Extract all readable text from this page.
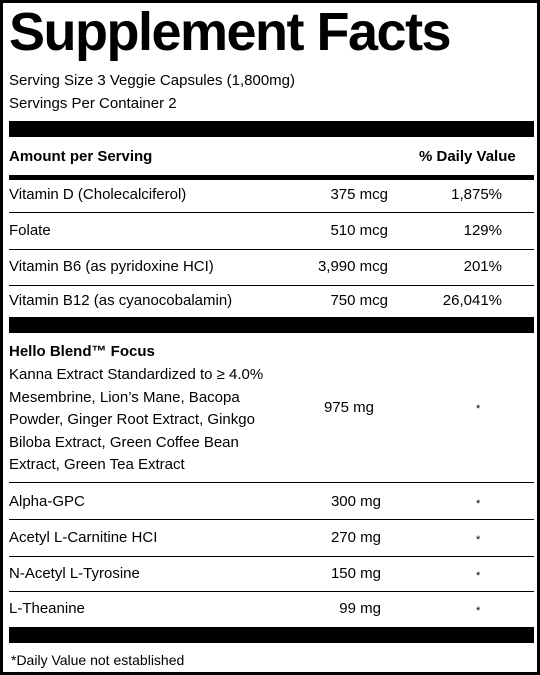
Supplement Facts
Serving Size 3 Veggie Capsules (1,800mg)
Servings Per Container 2
Amount per Serving	% Daily Value
Vitamin D (Cholecalciferol)	375 mcg	1,875%
Folate	510 mcg	129%
Vitamin B6 (as pyridoxine HCI)	3,990 mcg	201%
Vitamin B12 (as cyanocobalamin)	750 mcg	26,041%
Hello Blend™ Focus
Kanna Extract Standardized to ≥ 4.0%
Mesembrine, Lion’s Mane, Bacopa
Powder, Ginger Root Extract, Ginkgo
Biloba Extract, Green Coffee Bean
Extract, Green Tea Extract
975 mg	*
Alpha-GPC	300 mg	*
Acetyl L-Carnitine HCI	270 mg	*
N-Acetyl L-Tyrosine	150 mg	*
L-Theanine	99 mg	*
*Daily Value not established
